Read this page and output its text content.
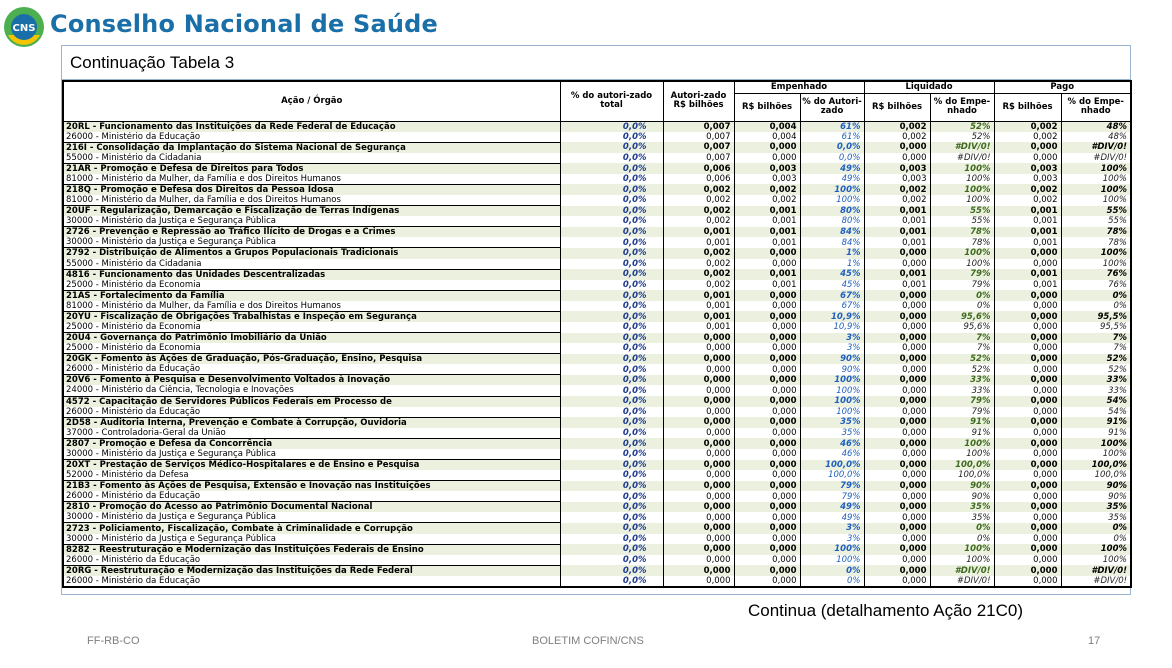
CNS Conselho Nacional de Saúde
Continuação Tabela 3
Ação / Órgão	% do autori-zado total	Autori-zado R$ bilhões	Empenhado		Liquidado		Pago	
			R$ bilhões	% do Autori-zado	R$ bilhões	% do Empe-nhado	R$ bilhões	% do Empe-nhado
20RL - Funcionamento das Instituições da Rede Federal de Educação	0,0%	0,007	0,004	61%	0,002	52%	0,002	48%
26000 - Ministério da Educação	0,0%	0,007	0,004	61%	0,002	52%	0,002	48%
216I - Consolidação da Implantação do Sistema Nacional de Segurança	0,0%	0,007	0,000	0,0%	0,000	#DIV/0!	0,000	#DIV/0!
55000 - Ministério da Cidadania	0,0%	0,007	0,000	0,0%	0,000	#DIV/0!	0,000	#DIV/0!
21AR - Promoção e Defesa de Direitos para Todos	0,0%	0,006	0,003	49%	0,003	100%	0,003	100%
81000 - Ministério da Mulher, da Família e dos Direitos Humanos	0,0%	0,006	0,003	49%	0,003	100%	0,003	100%
218Q - Promoção e Defesa dos Direitos da Pessoa Idosa	0,0%	0,002	0,002	100%	0,002	100%	0,002	100%
81000 - Ministério da Mulher, da Família e dos Direitos Humanos	0,0%	0,002	0,002	100%	0,002	100%	0,002	100%
20UF - Regularização, Demarcação e Fiscalização de Terras Indígenas	0,0%	0,002	0,001	80%	0,001	55%	0,001	55%
30000 - Ministério da Justiça e Segurança Pública	0,0%	0,002	0,001	80%	0,001	55%	0,001	55%
2726 - Prevenção e Repressão ao Tráfico Ilícito de Drogas e a Crimes	0,0%	0,001	0,001	84%	0,001	78%	0,001	78%
30000 - Ministério da Justiça e Segurança Pública	0,0%	0,001	0,001	84%	0,001	78%	0,001	78%
2792 - Distribuição de Alimentos a Grupos Populacionais Tradicionais	0,0%	0,002	0,000	1%	0,000	100%	0,000	100%
55000 - Ministério da Cidadania	0,0%	0,002	0,000	1%	0,000	100%	0,000	100%
4816 - Funcionamento das Unidades Descentralizadas	0,0%	0,002	0,001	45%	0,001	79%	0,001	76%
25000 - Ministério da Economia	0,0%	0,002	0,001	45%	0,001	79%	0,001	76%
21AS - Fortalecimento da Família	0,0%	0,001	0,000	67%	0,000	0%	0,000	0%
81000 - Ministério da Mulher, da Família e dos Direitos Humanos	0,0%	0,001	0,000	67%	0,000	0%	0,000	0%
20YU - Fiscalização de Obrigações Trabalhistas e Inspeção em Segurança	0,0%	0,001	0,000	10,9%	0,000	95,6%	0,000	95,5%
25000 - Ministério da Economia	0,0%	0,001	0,000	10,9%	0,000	95,6%	0,000	95,5%
20U4 - Governança do Patrimônio Imobiliário da União	0,0%	0,000	0,000	3%	0,000	7%	0,000	7%
25000 - Ministério da Economia	0,0%	0,000	0,000	3%	0,000	7%	0,000	7%
20GK - Fomento às Ações de Graduação, Pós-Graduação, Ensino, Pesquisa	0,0%	0,000	0,000	90%	0,000	52%	0,000	52%
26000 - Ministério da Educação	0,0%	0,000	0,000	90%	0,000	52%	0,000	52%
20V6 - Fomento à Pesquisa e Desenvolvimento Voltados à Inovação	0,0%	0,000	0,000	100%	0,000	33%	0,000	33%
24000 - Ministério da Ciência, Tecnologia e Inovações	0,0%	0,000	0,000	100%	0,000	33%	0,000	33%
4572 - Capacitação de Servidores Públicos Federais em Processo de	0,0%	0,000	0,000	100%	0,000	79%	0,000	54%
26000 - Ministério da Educação	0,0%	0,000	0,000	100%	0,000	79%	0,000	54%
2D58 - Auditoria Interna, Prevenção e Combate à Corrupção, Ouvidoria	0,0%	0,000	0,000	35%	0,000	91%	0,000	91%
37000 - Controladoria-Geral da União	0,0%	0,000	0,000	35%	0,000	91%	0,000	91%
2807 - Promoção e Defesa da Concorrência	0,0%	0,000	0,000	46%	0,000	100%	0,000	100%
30000 - Ministério da Justiça e Segurança Pública	0,0%	0,000	0,000	46%	0,000	100%	0,000	100%
20XT - Prestação de Serviços Médico-Hospitalares e de Ensino e Pesquisa	0,0%	0,000	0,000	100,0%	0,000	100,0%	0,000	100,0%
52000 - Ministério da Defesa	0,0%	0,000	0,000	100,0%	0,000	100,0%	0,000	100,0%
21B3 - Fomento às Ações de Pesquisa, Extensão e Inovação nas Instituições	0,0%	0,000	0,000	79%	0,000	90%	0,000	90%
26000 - Ministério da Educação	0,0%	0,000	0,000	79%	0,000	90%	0,000	90%
2810 - Promoção do Acesso ao Patrimônio Documental Nacional	0,0%	0,000	0,000	49%	0,000	35%	0,000	35%
30000 - Ministério da Justiça e Segurança Pública	0,0%	0,000	0,000	49%	0,000	35%	0,000	35%
2723 - Policiamento, Fiscalização, Combate à Criminalidade e Corrupção	0,0%	0,000	0,000	3%	0,000	0%	0,000	0%
30000 - Ministério da Justiça e Segurança Pública	0,0%	0,000	0,000	3%	0,000	0%	0,000	0%
8282 - Reestruturação e Modernização das Instituições Federais de Ensino	0,0%	0,000	0,000	100%	0,000	100%	0,000	100%
26000 - Ministério da Educação	0,0%	0,000	0,000	100%	0,000	100%	0,000	100%
20RG - Reestruturação e Modernização das Instituições da Rede Federal	0,0%	0,000	0,000	0%	0,000	#DIV/0!	0,000	#DIV/0!
26000 - Ministério da Educação	0,0%	0,000	0,000	0%	0,000	#DIV/0!	0,000	#DIV/0!
Continua (detalhamento Ação 21C0)
FF-RB-CO	BOLETIM COFIN/CNS	17
